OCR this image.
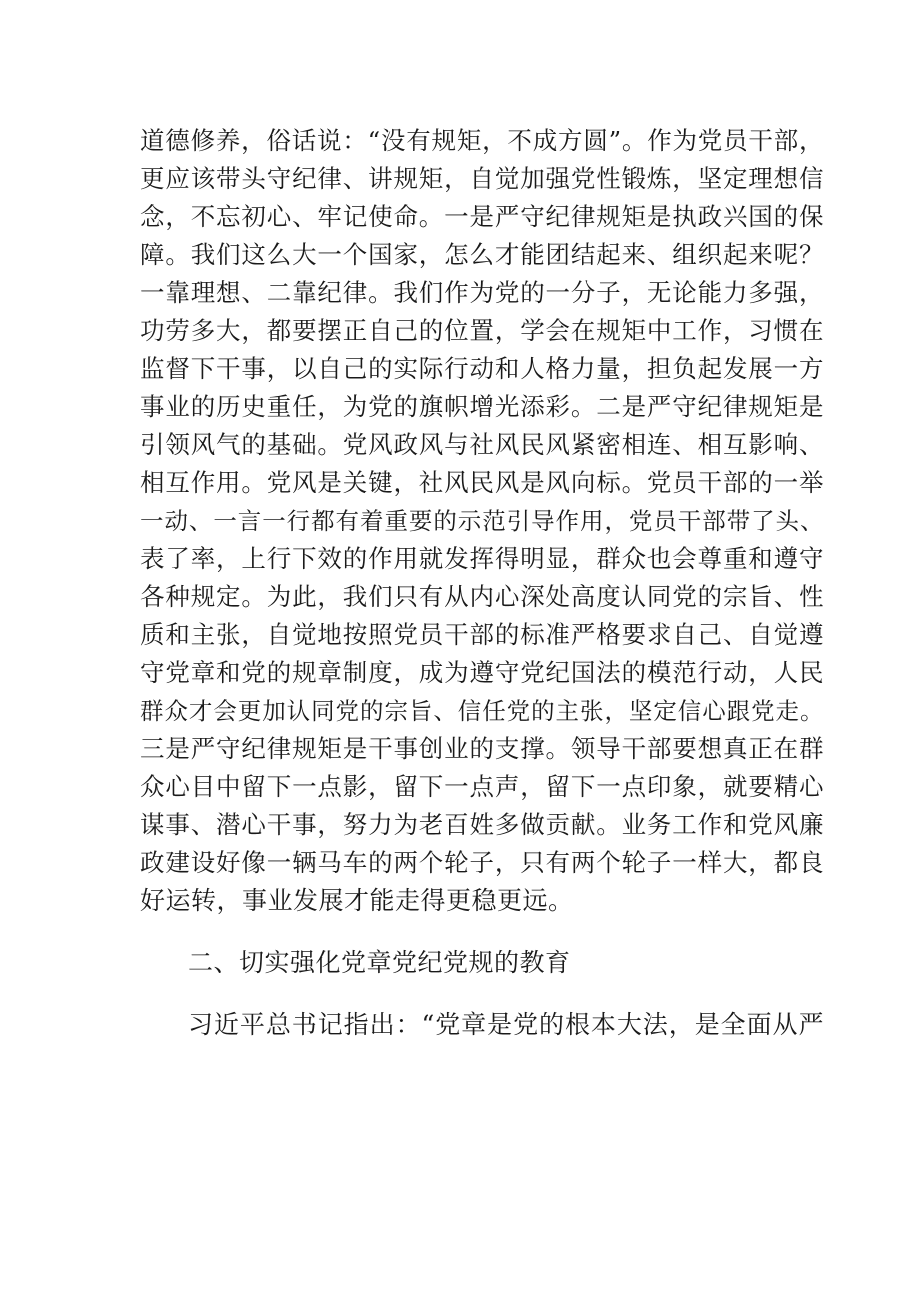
道德修养，俗话说：“没有规矩，不成方圆”。作为党员干部，
更应该带头守纪律、讲规矩，自觉加强党性锻炼，坚定理想信
念，不忘初心、牢记使命。一是严守纪律规矩是执政兴国的保
障。我们这么大一个国家，怎么才能团结起来、组织起来呢？
一靠理想、二靠纪律。我们作为党的一分子，无论能力多强，
功劳多大，都要摆正自己的位置，学会在规矩中工作，习惯在
监督下干事，以自己的实际行动和人格力量，担负起发展一方
事业的历史重任，为党的旗帜增光添彩。二是严守纪律规矩是
引领风气的基础。党风政风与社风民风紧密相连、相互影响、
相互作用。党风是关键，社风民风是风向标。党员干部的一举
一动、一言一行都有着重要的示范引导作用，党员干部带了头、
表了率，上行下效的作用就发挥得明显，群众也会尊重和遵守
各种规定。为此，我们只有从内心深处高度认同党的宗旨、性
质和主张，自觉地按照党员干部的标准严格要求自己、自觉遵
守党章和党的规章制度，成为遵守党纪国法的模范行动，人民
群众才会更加认同党的宗旨、信任党的主张，坚定信心跟党走。
三是严守纪律规矩是干事创业的支撑。领导干部要想真正在群
众心目中留下一点影，留下一点声，留下一点印象，就要精心
谋事、潜心干事，努力为老百姓多做贡献。业务工作和党风廉
政建设好像一辆马车的两个轮子，只有两个轮子一样大，都良
好运转，事业发展才能走得更稳更远。
二、切实强化党章党纪党规的教育
习近平总书记指出：“党章是党的根本大法，是全面从严
